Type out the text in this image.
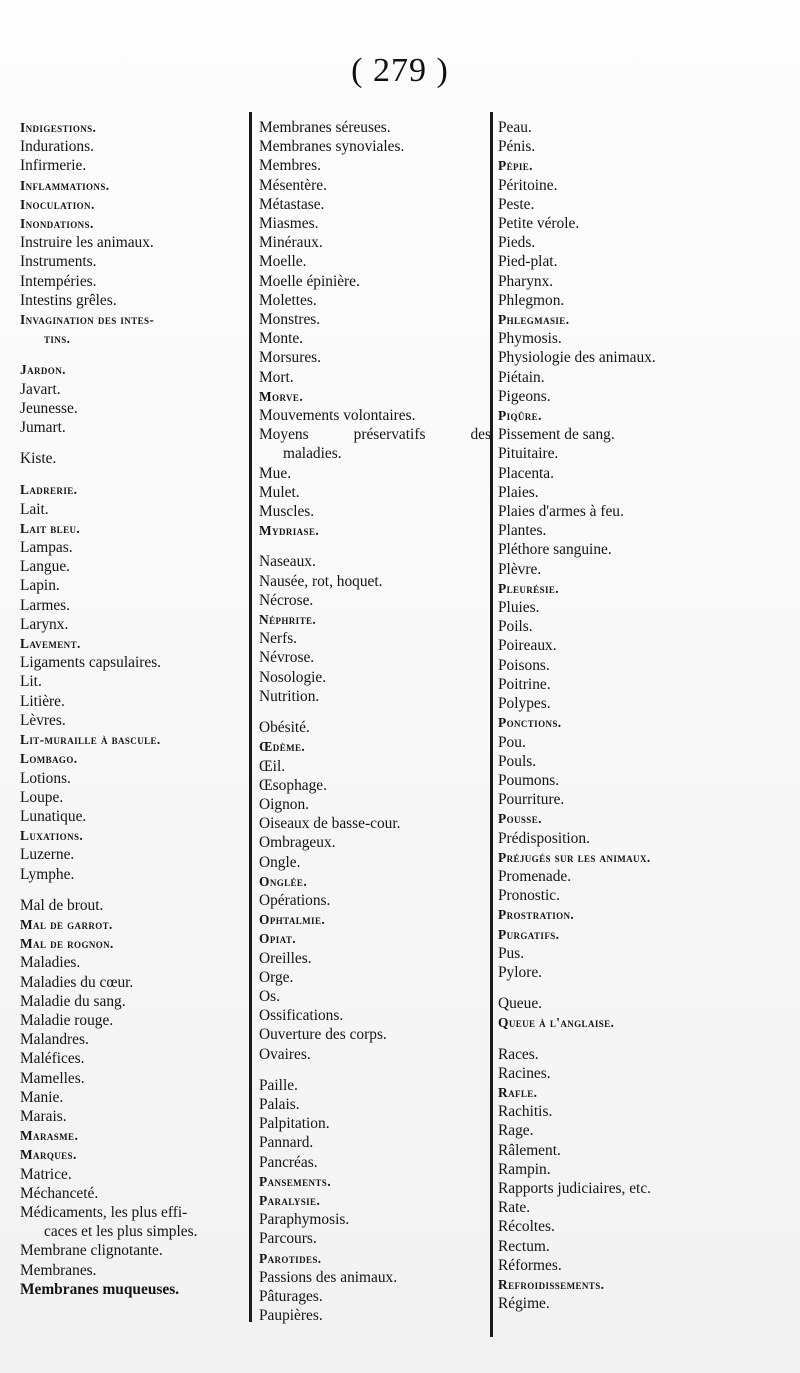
( 279 )
Indigestions.
Indurations.
Infirmerie.
Inflammations.
Inoculation.
Inondations.
Instruire les animaux.
Instruments.
Intempéries.
Intestins grêles.
Invagination des intes-
tins.
Jardon.
Javart.
Jeunesse.
Jumart.
Kiste.
Ladrerie.
Lait.
Lait bleu.
Lampas.
Langue.
Lapin.
Larmes.
Larynx.
Lavement.
Ligaments capsulaires.
Lit.
Litière.
Lèvres.
Lit-muraille à bascule.
Lombago.
Lotions.
Loupe.
Lunatique.
Luxations.
Luzerne.
Lymphe.
Mal de brout.
Mal de garrot.
Mal de rognon.
Maladies.
Maladies du cœur.
Maladie du sang.
Maladie rouge.
Malandres.
Maléfices.
Mamelles.
Manie.
Marais.
Marasme.
Marques.
Matrice.
Méchanceté.
Médicaments, les plus effi-
caces et les plus simples.
Membrane clignotante.
Membranes.
Membranes muqueuses.
Membranes séreuses.
Membranes synoviales.
Membres.
Mésentère.
Métastase.
Miasmes.
Minéraux.
Moelle.
Moelle épinière.
Molettes.
Monstres.
Monte.
Morsures.
Mort.
Morve.
Mouvements volontaires.
Moyens préservatifs des
maladies.
Mue.
Mulet.
Muscles.
Mydriase.
Naseaux.
Nausée, rot, hoquet.
Nécrose.
Néphrite.
Nerfs.
Névrose.
Nosologie.
Nutrition.
Obésité.
Œdème.
Œil.
Œsophage.
Oignon.
Oiseaux de basse-cour.
Ombrageux.
Ongle.
Onglée.
Opérations.
Ophtalmie.
Opiat.
Oreilles.
Orge.
Os.
Ossifications.
Ouverture des corps.
Ovaires.
Paille.
Palais.
Palpitation.
Pannard.
Pancréas.
Pansements.
Paralysie.
Paraphymosis.
Parcours.
Parotides.
Passions des animaux.
Pâturages.
Paupières.
Peau.
Pénis.
Pépie.
Péritoine.
Peste.
Petite vérole.
Pieds.
Pied-plat.
Pharynx.
Phlegmon.
Phlegmasie.
Phymosis.
Physiologie des animaux.
Piétain.
Pigeons.
Piqûre.
Pissement de sang.
Pituitaire.
Placenta.
Plaies.
Plaies d'armes à feu.
Plantes.
Pléthore sanguine.
Plèvre.
Pleurésie.
Pluies.
Poils.
Poireaux.
Poisons.
Poitrine.
Polypes.
Ponctions.
Pou.
Pouls.
Poumons.
Pourriture.
Pousse.
Prédisposition.
Préjugés sur les animaux.
Promenade.
Pronostic.
Prostration.
Purgatifs.
Pus.
Pylore.
Queue.
Queue à l'anglaise.
Races.
Racines.
Rafle.
Rachitis.
Rage.
Râlement.
Rampin.
Rapports judiciaires, etc.
Rate.
Récoltes.
Rectum.
Réformes.
Refroidissements.
Régime.
